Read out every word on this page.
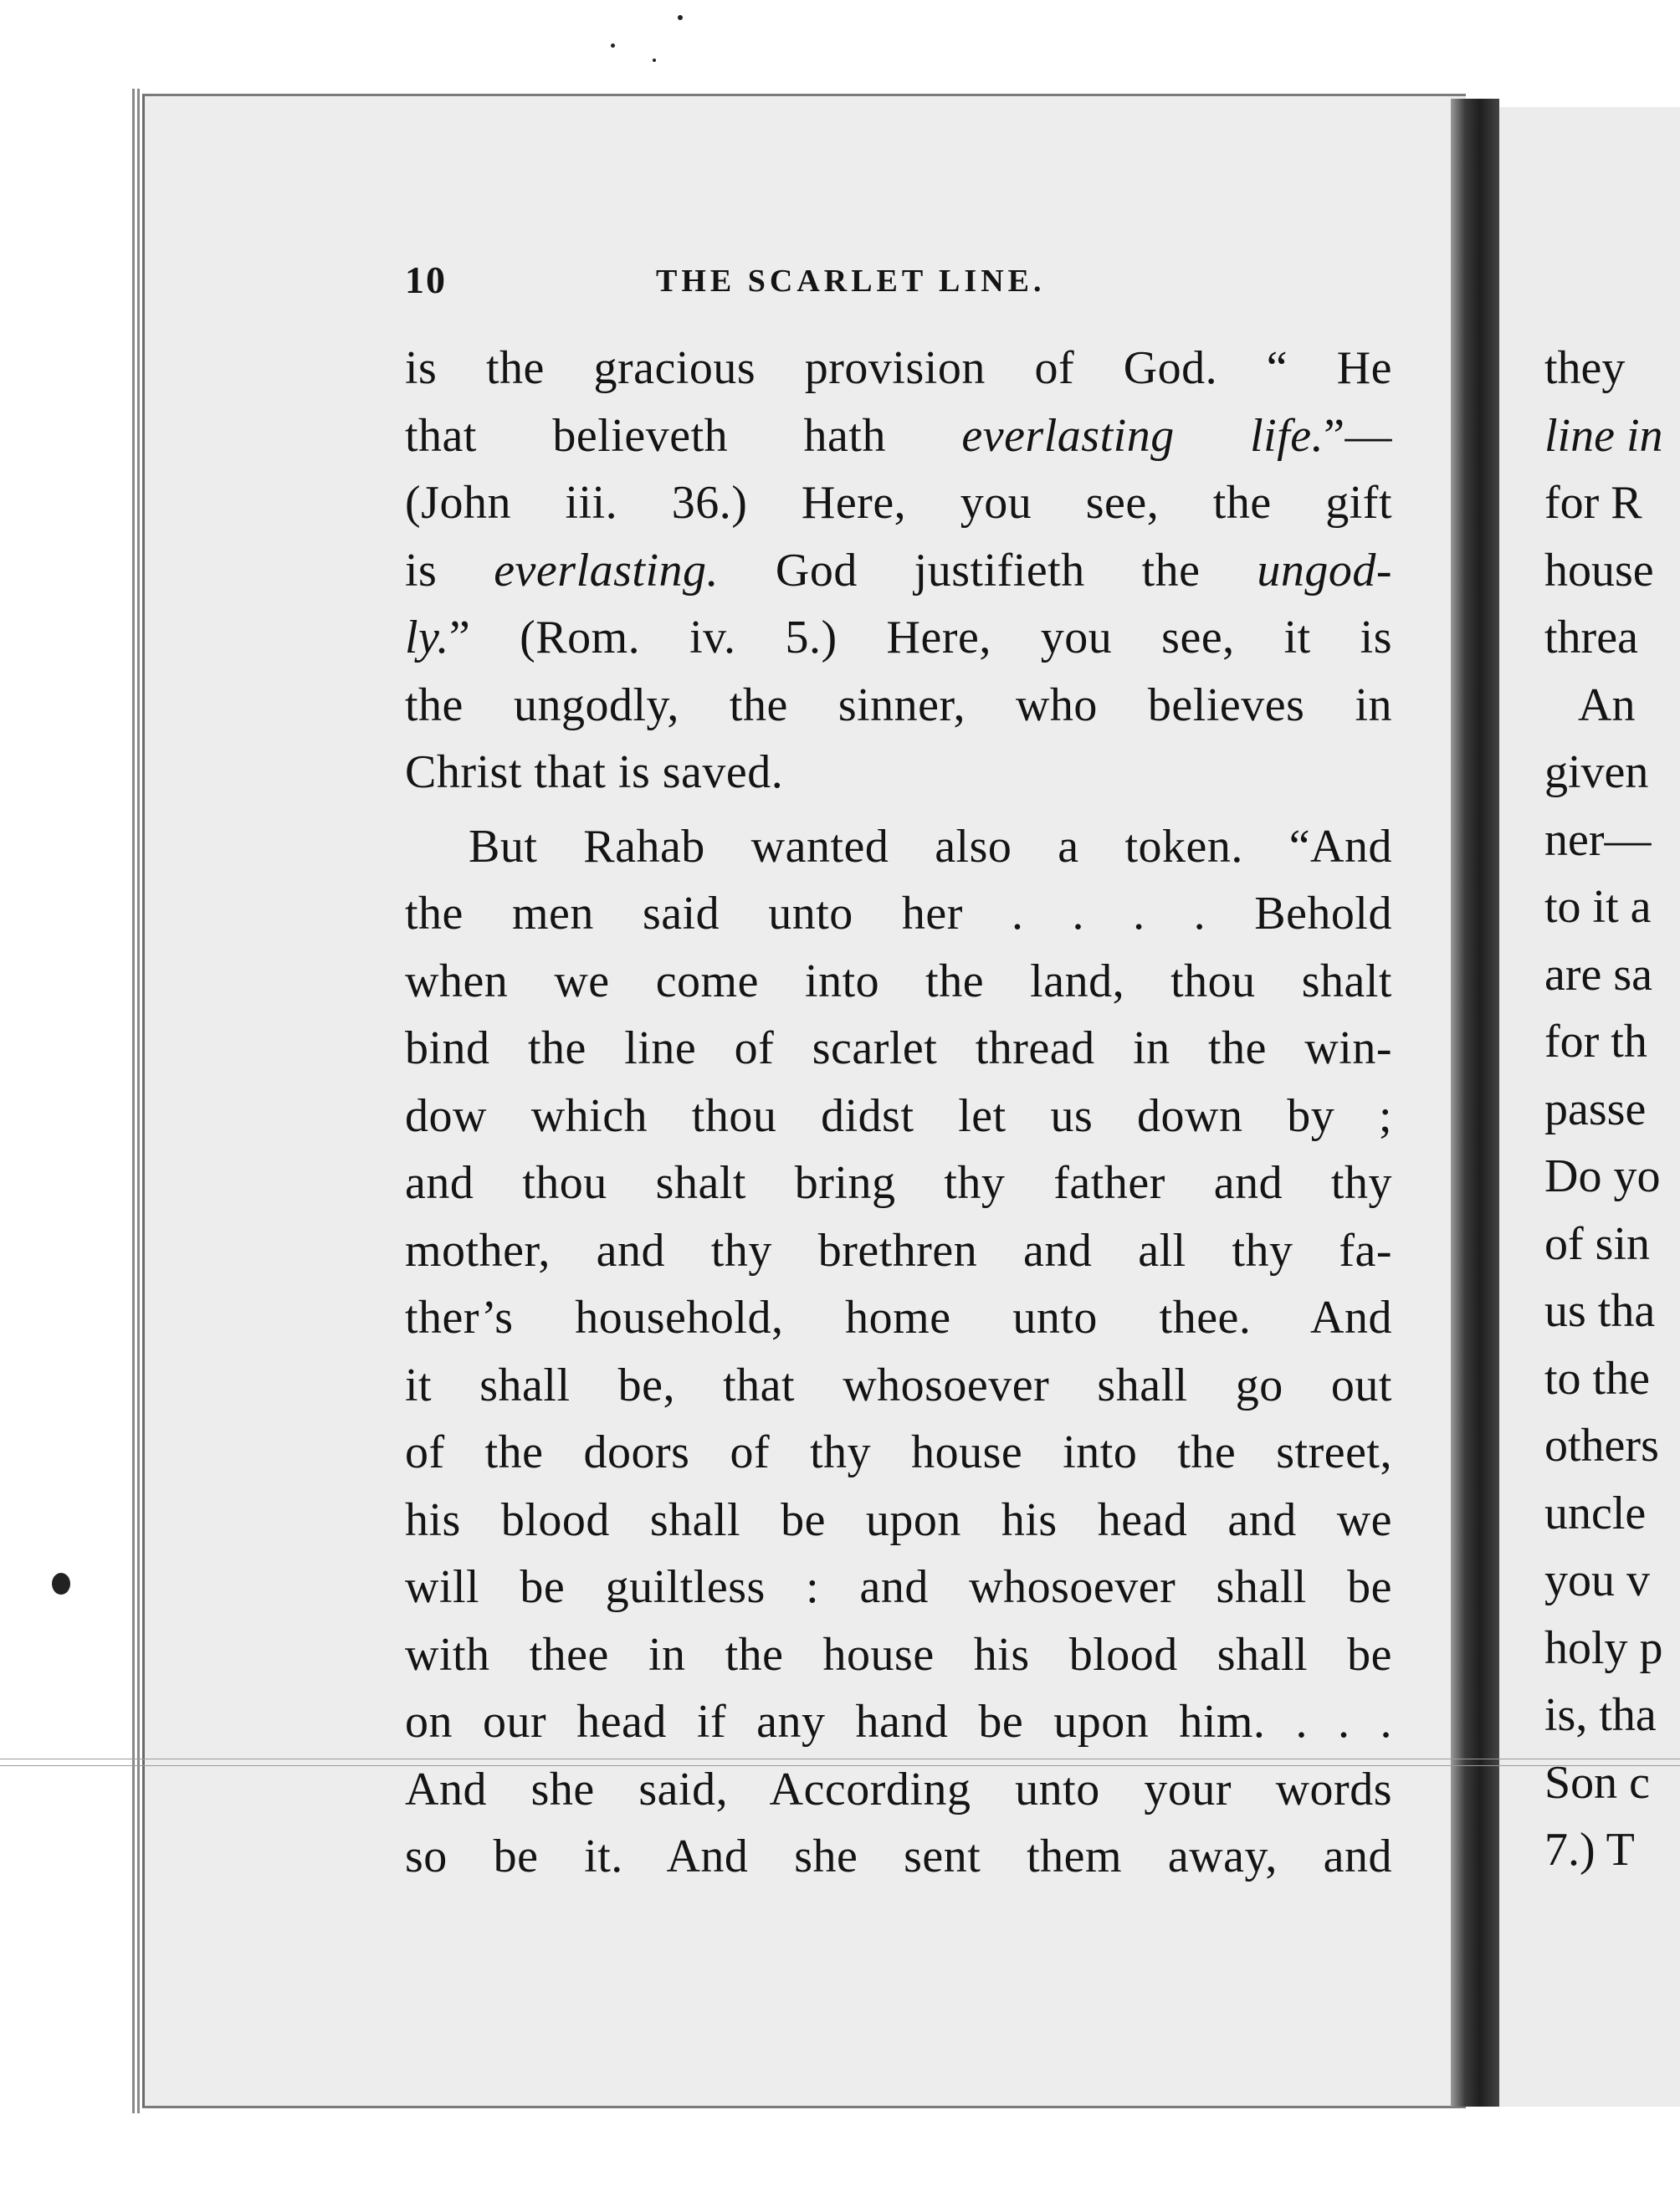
10	THE SCARLET LINE.
is the gracious provision of God. “ He
that believeth hath everlasting life.”—
(John iii. 36.) Here, you see, the gift
is everlasting. God justifieth the ungod-
ly.” (Rom. iv. 5.) Here, you see, it is
the ungodly, the sinner, who believes in
Christ that is saved.
But Rahab wanted also a token. “And
the men said unto her . . . . Behold
when we come into the land, thou shalt
bind the line of scarlet thread in the win-
dow which thou didst let us down by ;
and thou shalt bring thy father and thy
mother, and thy brethren and all thy fa-
ther’s household, home unto thee. And
it shall be, that whosoever shall go out
of the doors of thy house into the street,
his blood shall be upon his head and we
will be guiltless : and whosoever shall be
with thee in the house his blood shall be
on our head if any hand be upon him. . . .
And she said, According unto your words
so be it. And she sent them away, and
they
line in
for R
house
threa
An
given
ner—
to it a
are sa
for th
passe
Do yo
of sin
us tha
to the
others
uncle
you v
holy p
is, tha
Son c
7.) T
